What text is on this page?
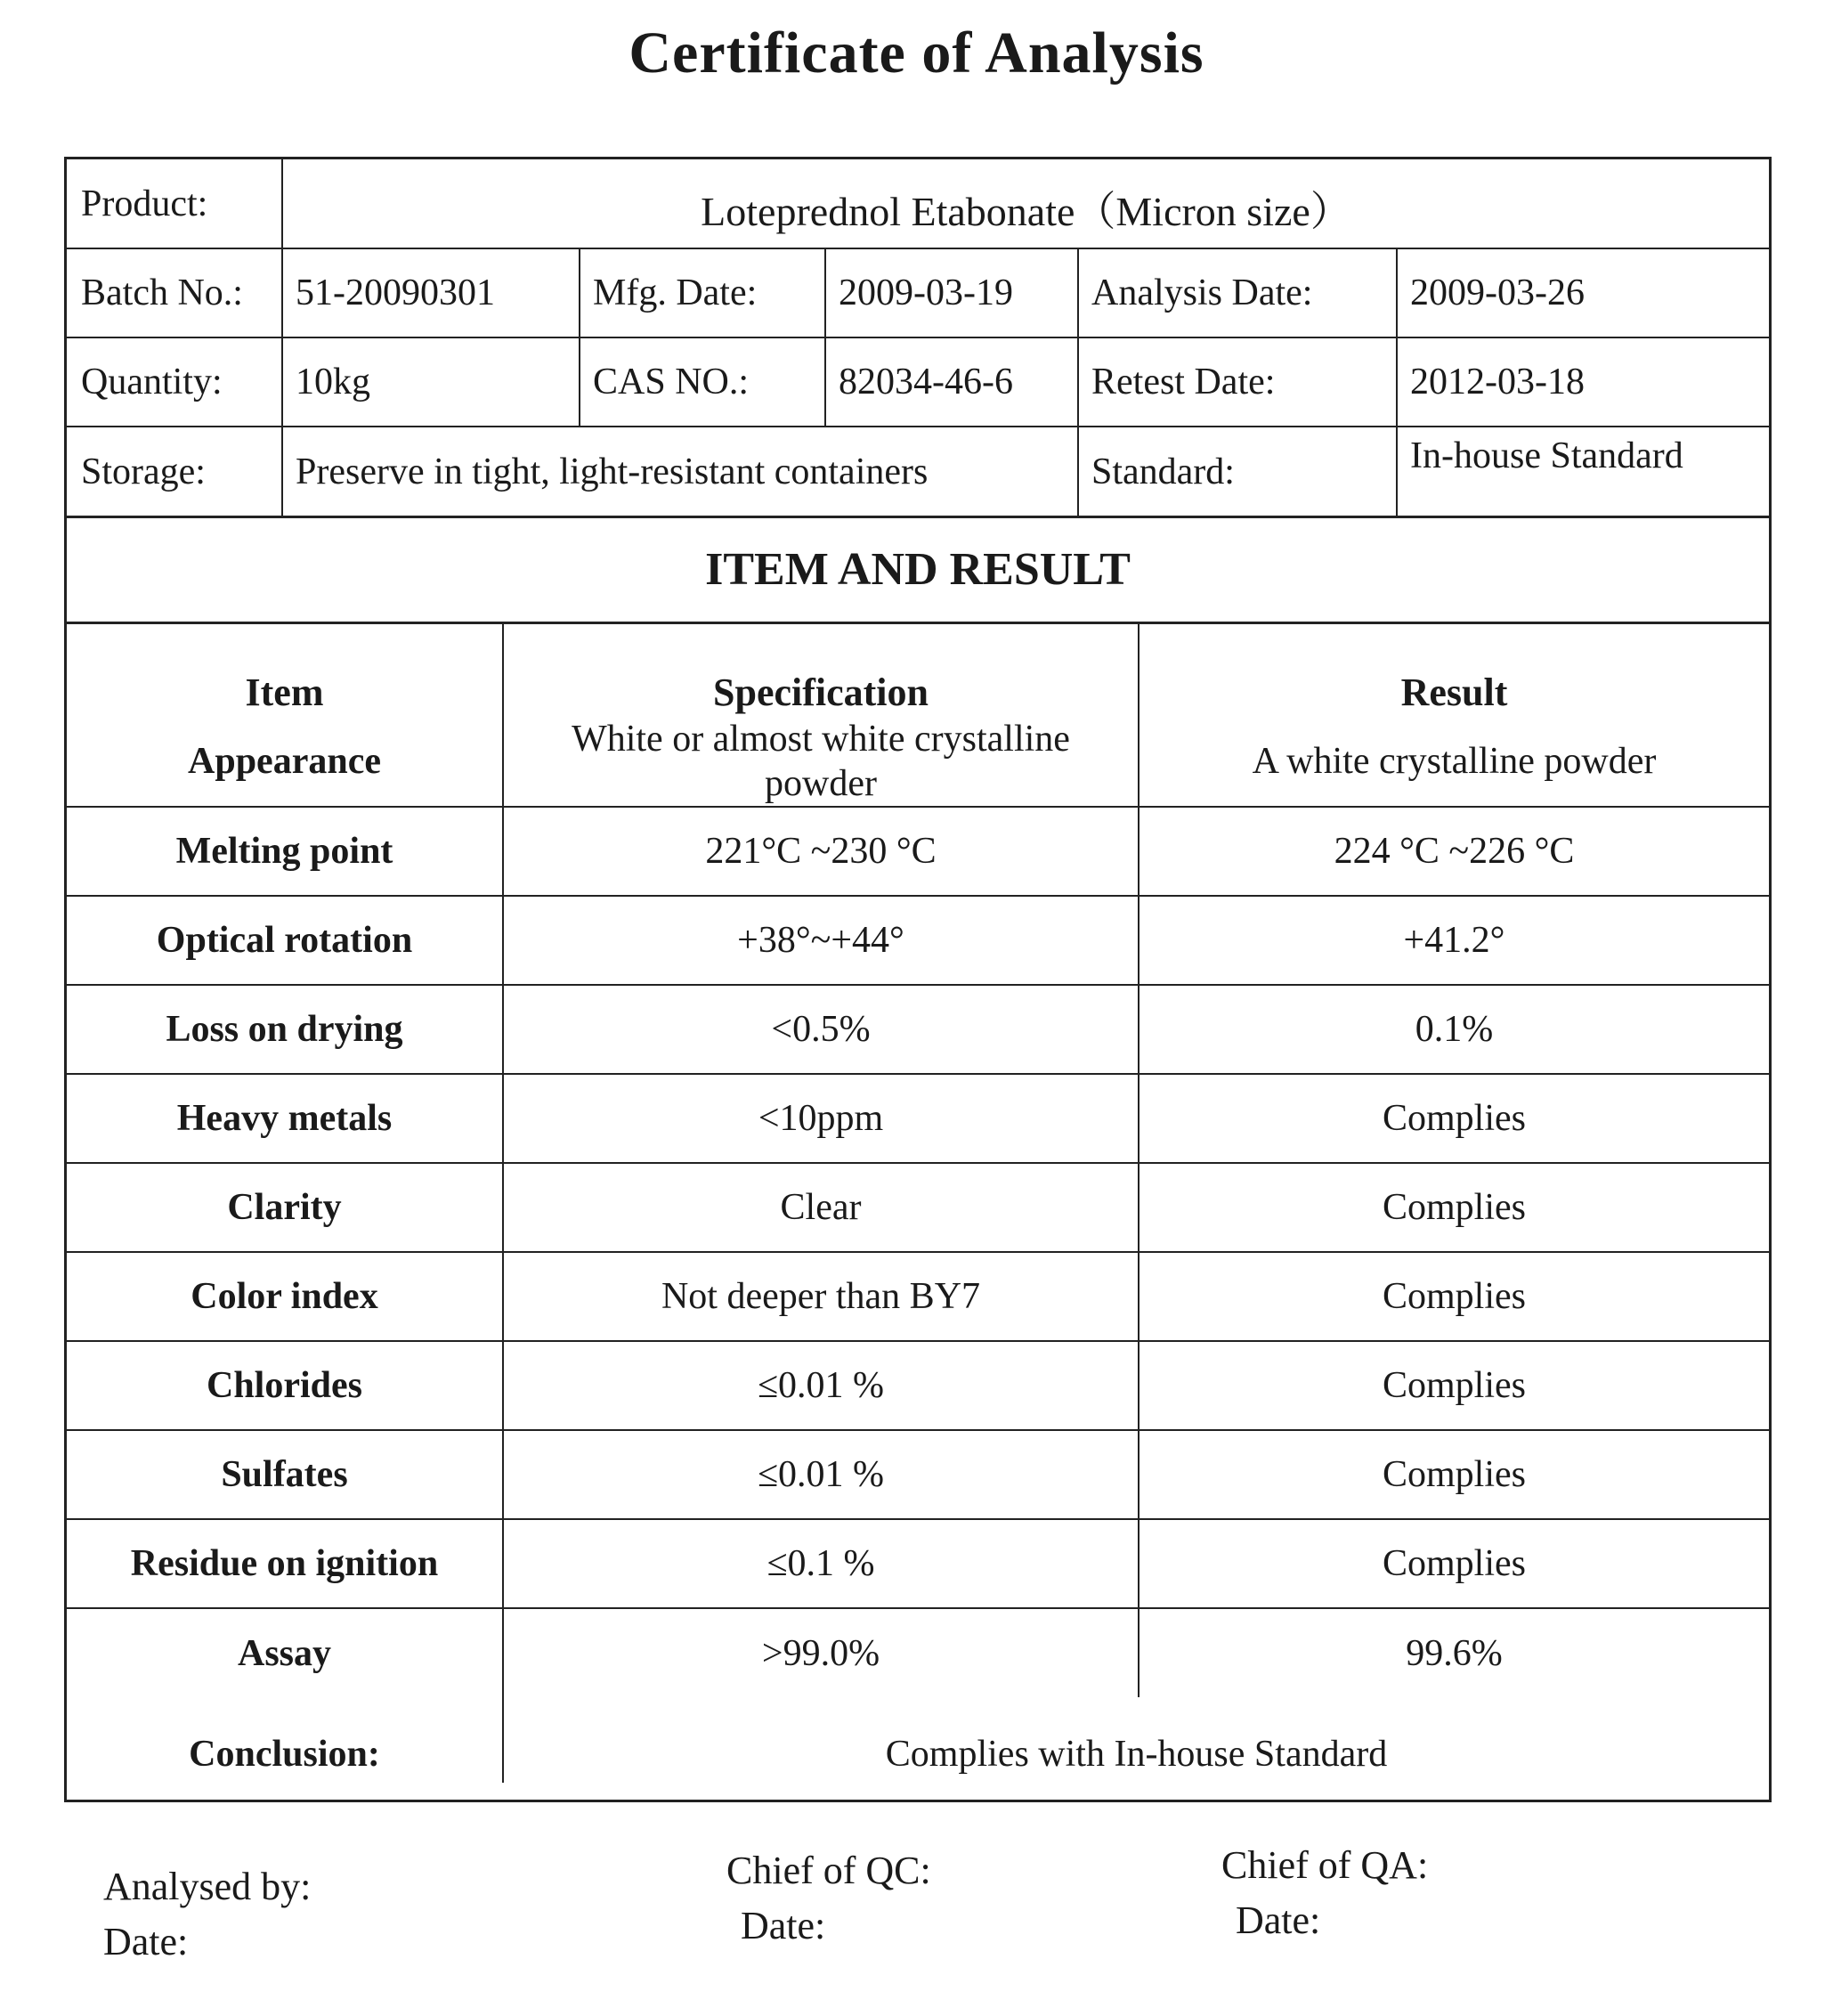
Certificate of Analysis
Product:	Loteprednol Etabonate（Micron size）				
Batch No.:	51-20090301	Mfg. Date:	2009-03-19	Analysis Date:	2009-03-26
Quantity:	10kg	CAS NO.:	82034-46-6	Retest Date:	2012-03-18
Storage:	Preserve in tight, light-resistant containers			Standard:	In-house Standard
ITEM AND RESULT
Item	Specification	Result
Appearance	White or almost white crystalline powder	A white crystalline powder
Melting point	221°C ~230 °C	224 °C ~226 °C
Optical rotation	+38°~+44°	+41.2°
Loss on drying	<0.5%	0.1%
Heavy metals	<10ppm	Complies
Clarity	Clear	Complies
Color index	Not deeper than BY7	Complies
Chlorides	≤0.01 %	Complies
Sulfates	≤0.01 %	Complies
Residue on ignition	≤0.1 %	Complies
Assay	>99.0%	99.6%
Conclusion:	Complies with In-house Standard	
Analysed by:
Date:
Chief of QC:
Date:
Chief of QA:
Date:
